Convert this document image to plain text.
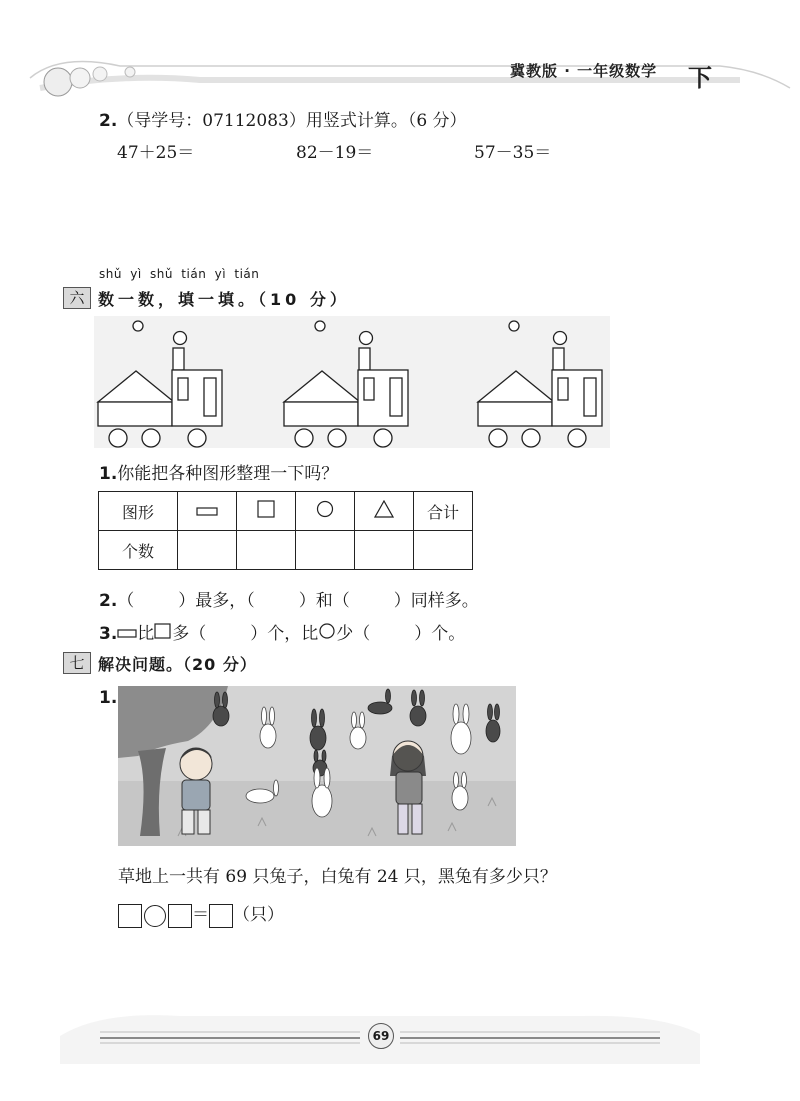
冀教版 · 一年级数学 下
2.（导学号：07112083）用竖式计算。（6 分）
47＋25＝	82－19＝	57－35＝
shǔ yì shǔ tián yì tián
六 数一数，填一填。（10 分）
1.你能把各种图形整理一下吗？
图形					合计
个数					
2.（	）最多，（	）和（	）同样多。
3. 比 多（	）个，比 少（	）个。
七 解决问题。（20 分）
1.
草地上一共有 69 只兔子，白兔有 24 只，黑兔有多少只？
＝ （只）
69
